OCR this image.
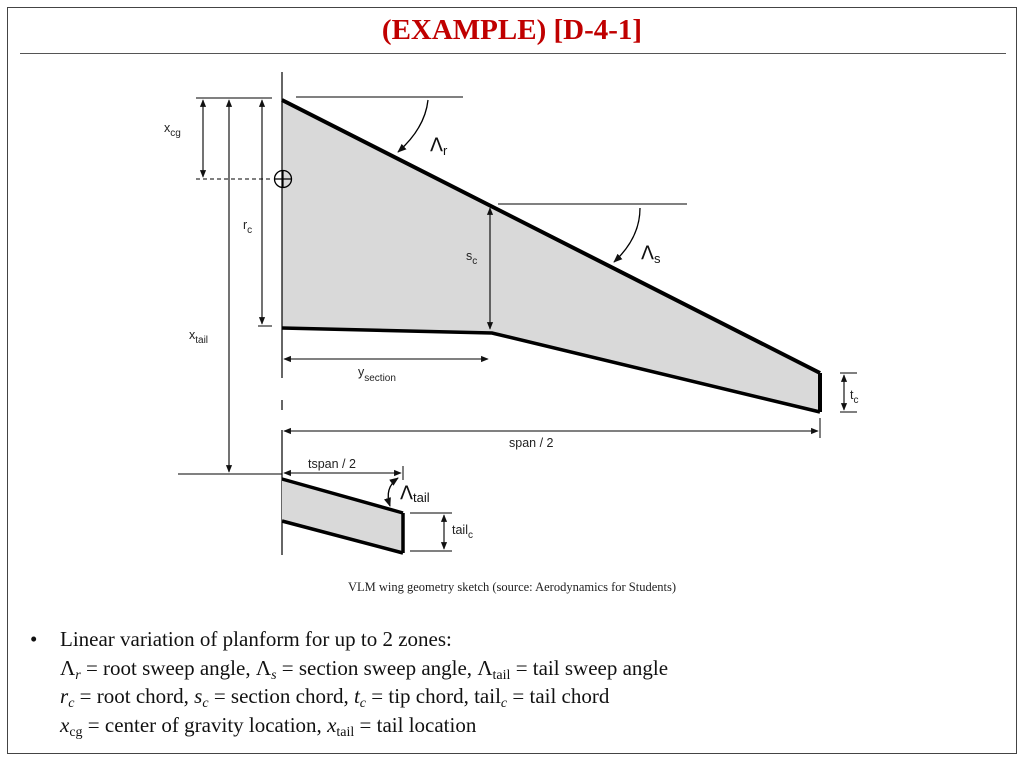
(EXAMPLE) [D-4-1]
$x_{cg}$
$r_c$
$x_{tail}$
$s_c$
$y_{section}$
span / 2
$t_c$
$\Lambda_r$
$\Lambda_s$
tspan / 2
Λtail
tail$_c$
VLM wing geometry sketch (source: Aerodynamics for Students)
• Linear variation of planform for up to 2 zones:
$\Lambda_r$ = root sweep angle, $\Lambda_s$ = section sweep angle, $\Lambda_{tail}$ = tail sweep angle
$r_c$ = root chord, $s_c$ = section chord, $t_c$ = tip chord, tail$_c$ = tail chord
$x_{cg}$ = center of gravity location, $x_{tail}$ = tail location
